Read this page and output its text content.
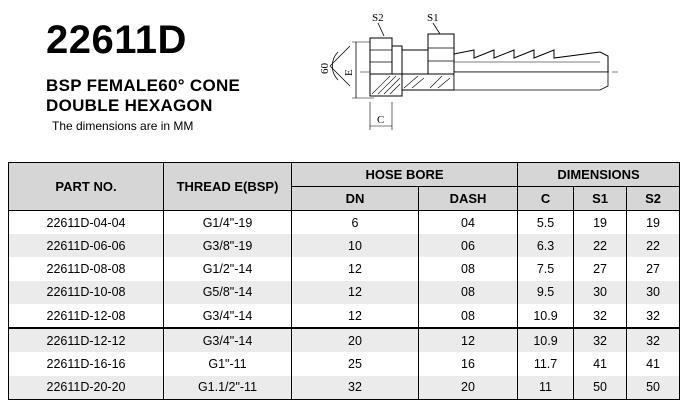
22611D
BSP FEMALE60° CONE
DOUBLE HEXAGON
The dimensions are in MM
S2	S1
60 E
C
PART NO.	THREAD E(BSP)	HOSE BORE		DIMENSIONS		
		DN	DASH	C	S1	S2
22611D-04-04	G1/4"-19	6	04	5.5	19	19
22611D-06-06	G3/8"-19	10	06	6.3	22	22
22611D-08-08	G1/2"-14	12	08	7.5	27	27
22611D-10-08	G5/8"-14	12	08	9.5	30	30
22611D-12-08	G3/4"-14	12	08	10.9	32	32
22611D-12-12	G3/4"-14	20	12	10.9	32	32
22611D-16-16	G1"-11	25	16	11.7	41	41
22611D-20-20	G1.1/2"-11	32	20	11	50	50
